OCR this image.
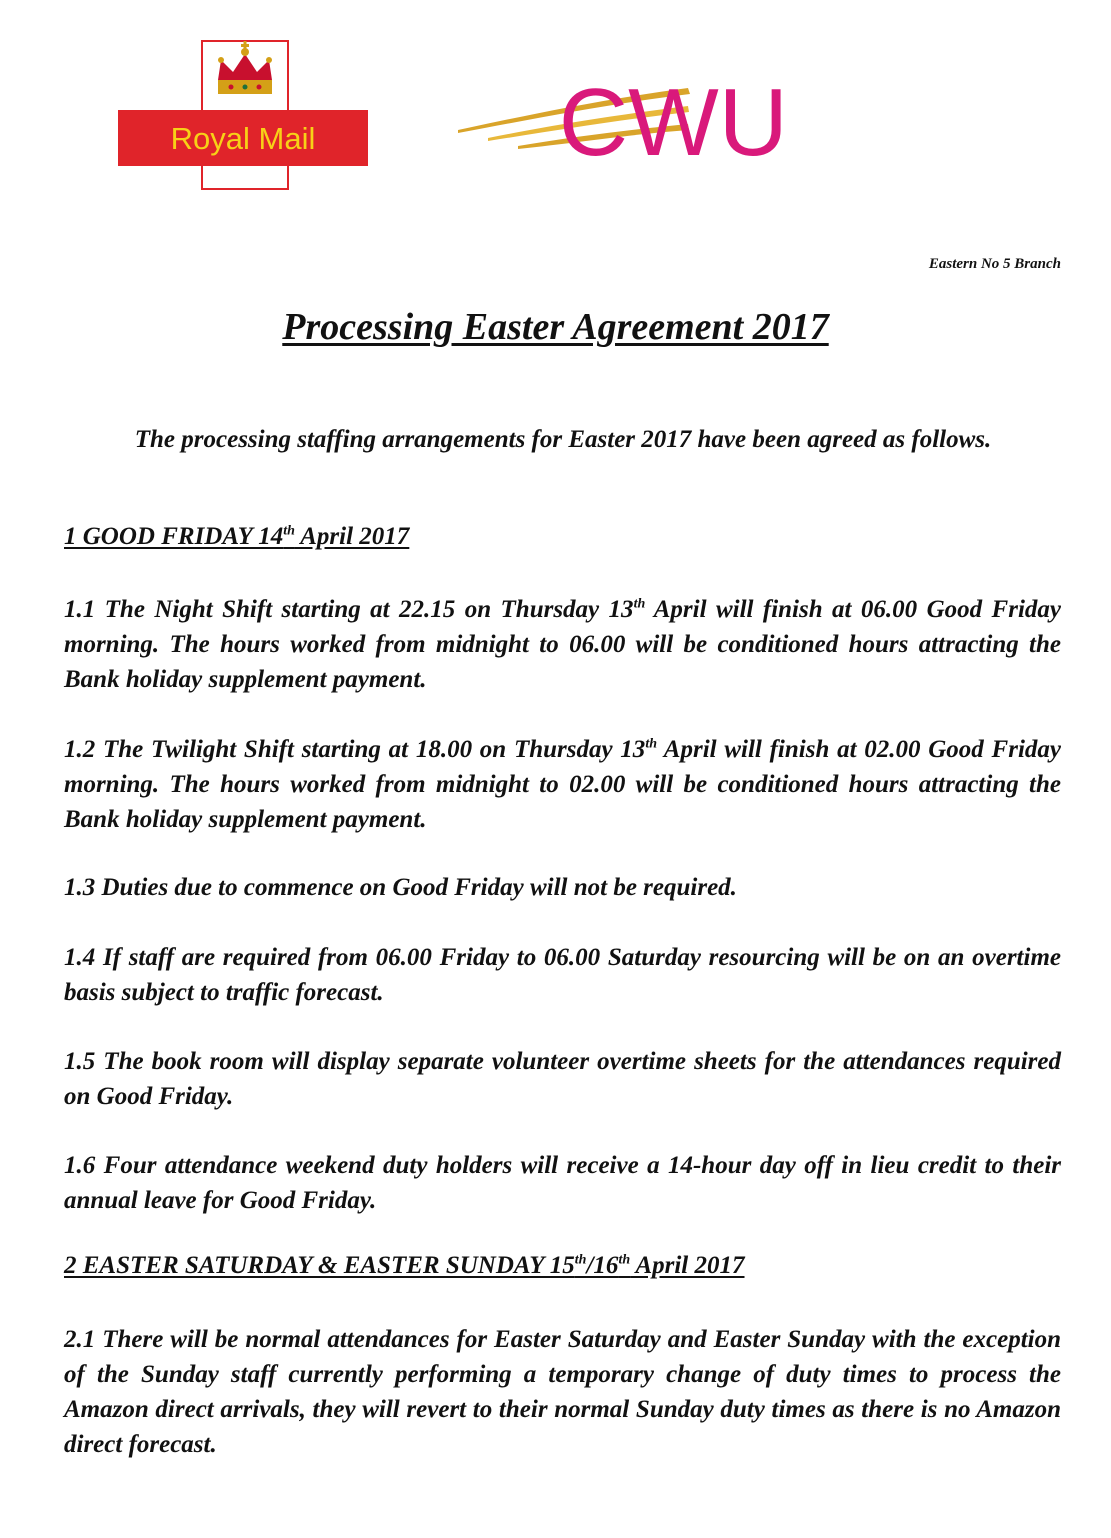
Royal Mail	CWU
Eastern No 5 Branch
Processing Easter Agreement 2017
The processing staffing arrangements for Easter 2017 have been agreed as follows.
1 GOOD FRIDAY 14th April 2017
1.1 The Night Shift starting at 22.15 on Thursday 13th April will finish at 06.00 Good Friday morning. The hours worked from midnight to 06.00 will be conditioned hours attracting the Bank holiday supplement payment.
1.2 The Twilight Shift starting at 18.00 on Thursday 13th April will finish at 02.00 Good Friday morning. The hours worked from midnight to 02.00 will be conditioned hours attracting the Bank holiday supplement payment.
1.3 Duties due to commence on Good Friday will not be required.
1.4 If staff are required from 06.00 Friday to 06.00 Saturday resourcing will be on an overtime basis subject to traffic forecast.
1.5 The book room will display separate volunteer overtime sheets for the attendances required on Good Friday.
1.6 Four attendance weekend duty holders will receive a 14-hour day off in lieu credit to their annual leave for Good Friday.
2 EASTER SATURDAY & EASTER SUNDAY 15th/16th April 2017
2.1 There will be normal attendances for Easter Saturday and Easter Sunday with the exception of the Sunday staff currently performing a temporary change of duty times to process the Amazon direct arrivals, they will revert to their normal Sunday duty times as there is no Amazon direct forecast.
